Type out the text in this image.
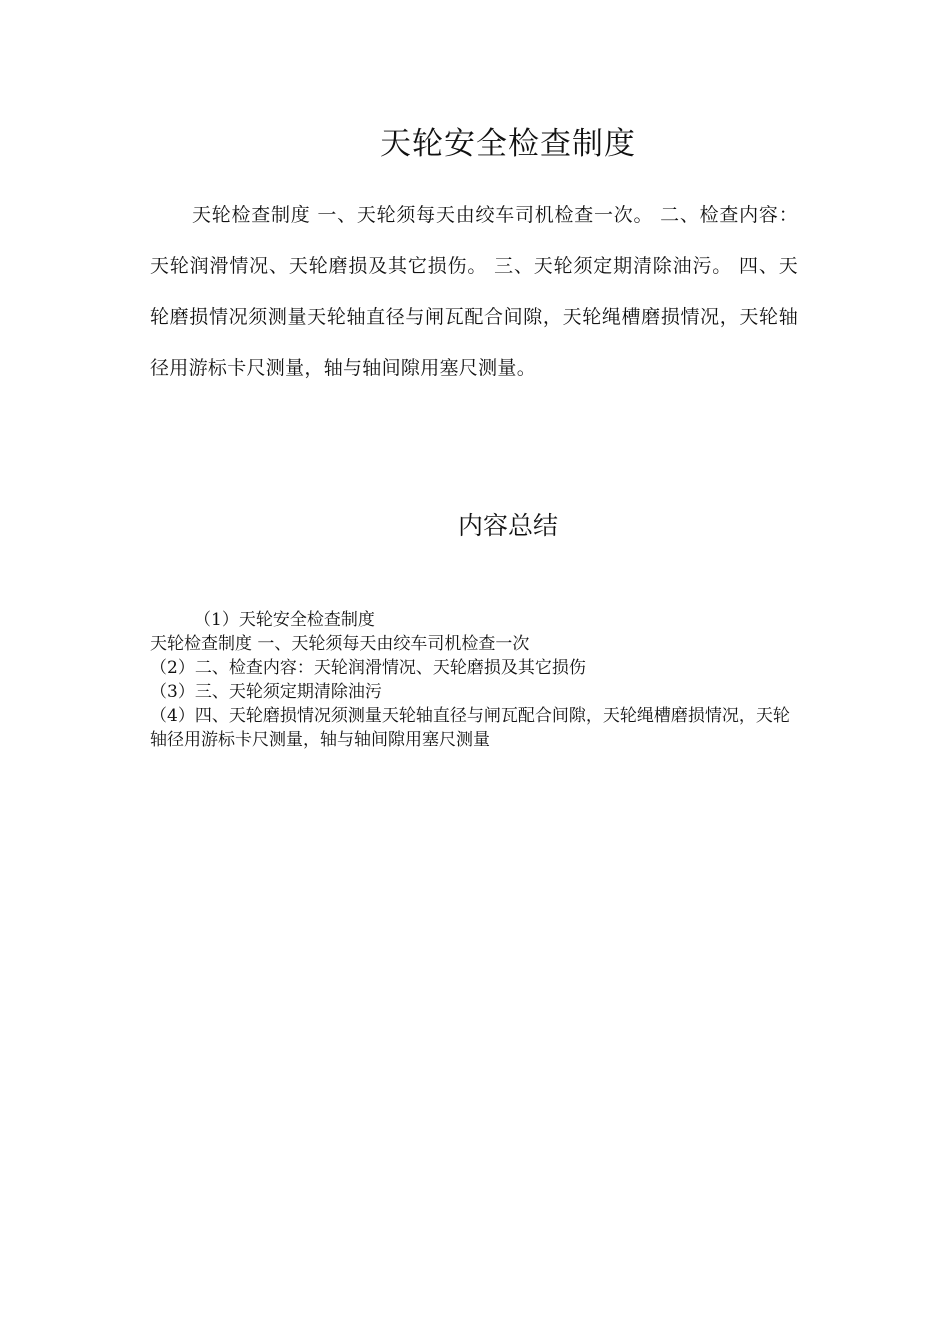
天轮安全检查制度

天轮检查制度 一、天轮须每天由绞车司机检查一次。 二、检查内容：天轮润滑情况、天轮磨损及其它损伤。 三、天轮须定期清除油污。 四、天轮磨损情况须测量天轮轴直径与闸瓦配合间隙，天轮绳槽磨损情况，天轮轴径用游标卡尺测量，轴与轴间隙用塞尺测量。

内容总结
（1）天轮安全检查制度
天轮检查制度 一、天轮须每天由绞车司机检查一次
（2）二、检查内容：天轮润滑情况、天轮磨损及其它损伤
（3）三、天轮须定期清除油污
（4）四、天轮磨损情况须测量天轮轴直径与闸瓦配合间隙，天轮绳槽磨损情况，天轮轴径用游标卡尺测量，轴与轴间隙用塞尺测量
